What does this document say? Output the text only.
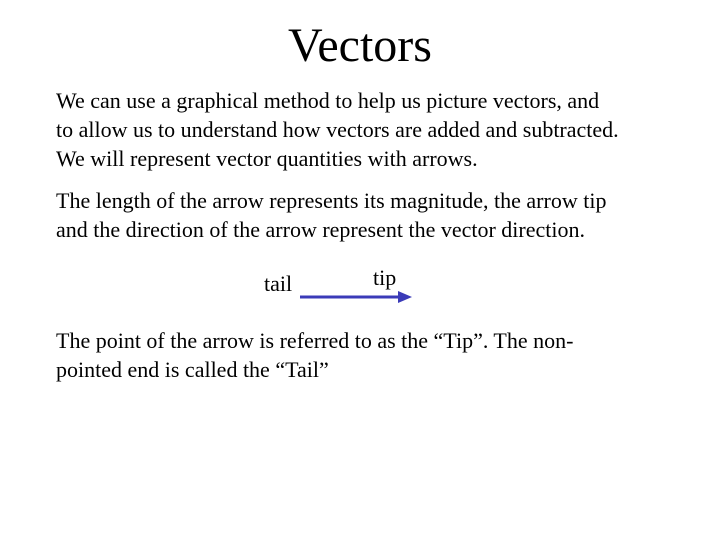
Vectors

We can use a graphical method to help us picture vectors, and
to allow us to understand how vectors are added and subtracted.
We will represent vector quantities with arrows.

The length of the arrow represents its magnitude, the arrow tip
and the direction of the arrow represent the vector direction.

tail	tip

The point of the arrow is referred to as the “Tip”. The non-
pointed end is called the “Tail”
